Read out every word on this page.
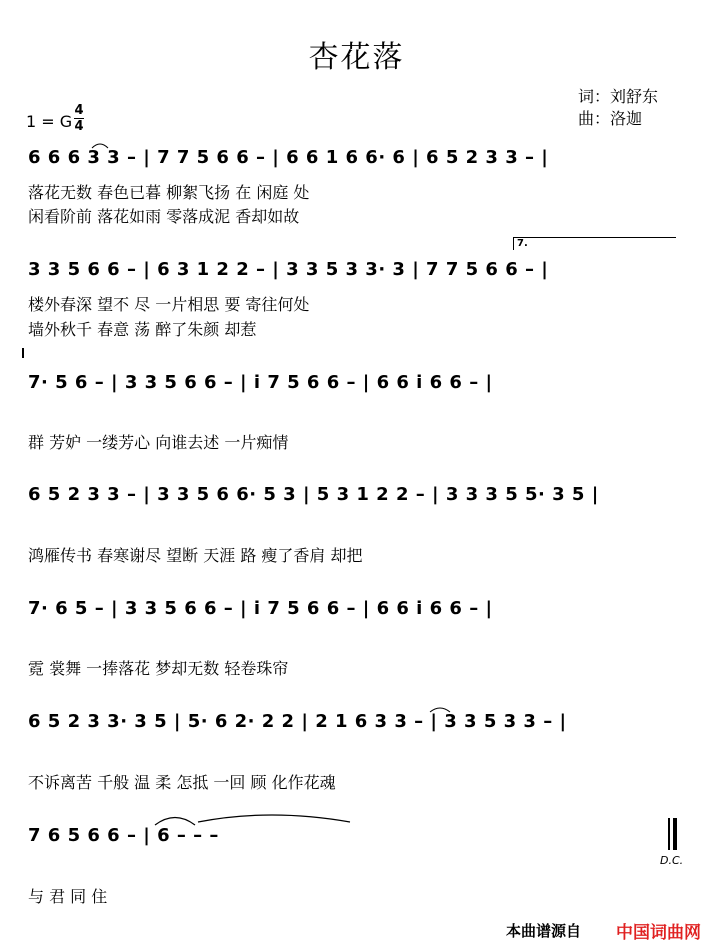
杏花落
词：刘舒东
曲：洛迦
1 = G
4
4
6 6 6 3 3 – | 7 7 5 6 6 – | 6 6 1 6 6· 6 | 6 5 2 3 3 – |
落花无数 春色已暮 柳絮飞扬 在 闲庭 处
闲看阶前 落花如雨 零落成泥 香却如故
7.
3 3 5 6 6 – | 6 3 1 2 2 – | 3 3 5 3 3· 3 | 7 7 5 6 6 – |
楼外春深 望不 尽 一片相思 要 寄往何处
墙外秋千 春意 荡 醉了朱颜 却惹
7· 5 6 – | 3 3 5 6 6 – | i 7 5 6 6 – | 6 6 i 6 6 – |
群 芳妒 一缕芳心 向谁去述 一片痴情
6 5 2 3 3 – | 3 3 5 6 6· 5 3 | 5 3 1 2 2 – | 3 3 3 5 5· 3 5 |
鸿雁传书 春寒谢尽 望断 天涯 路 瘦了香肩 却把
7· 6 5 – | 3 3 5 6 6 – | i 7 5 6 6 – | 6 6 i 6 6 – |
霓 裳舞 一捧落花 梦却无数 轻卷珠帘
6 5 2 3 3· 3 5 | 5· 6 2· 2 2 | 2 1 6 3 3 – | 3 3 5 3 3 – |
不诉离苦 千般 温 柔 怎抵 一回 顾 化作花魂
7 6 5 6 6 – | 6 – – –
与 君 同 住
D.C.
本曲谱源自 中国词曲网
